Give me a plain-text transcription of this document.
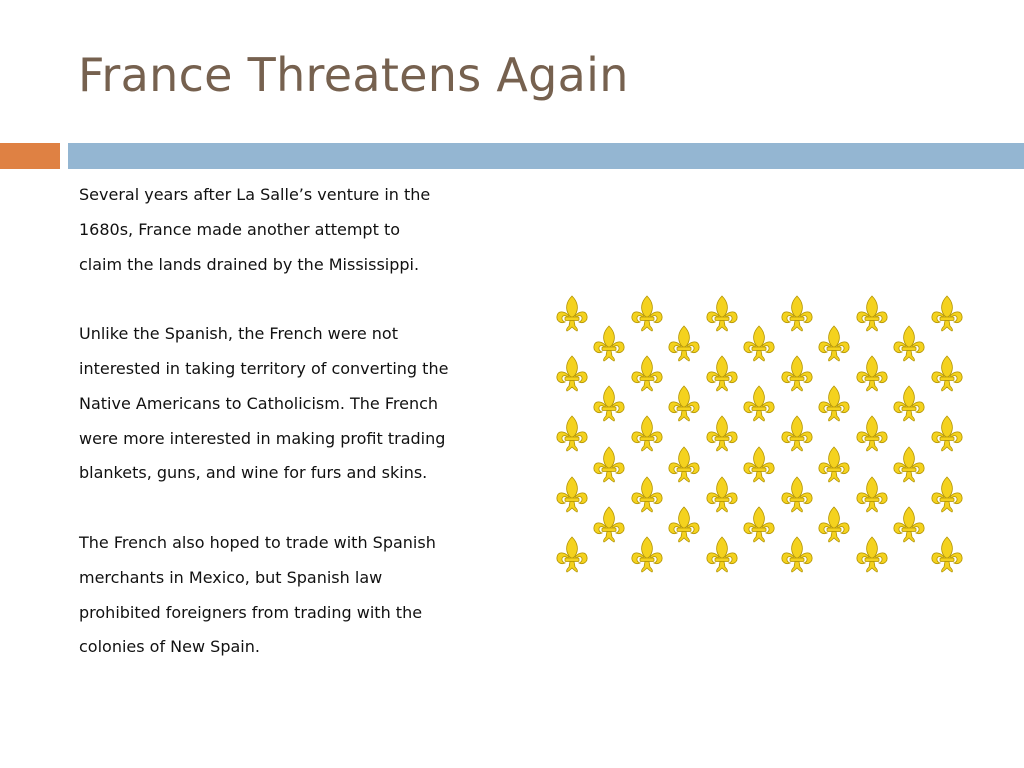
France Threatens Again

Several years after La Salle’s venture in the
1680s, France made another attempt to
claim the lands drained by the Mississippi.

Unlike the Spanish, the French were not
interested in taking territory of converting the
Native Americans to Catholicism. The French
were more interested in making profit trading
blankets, guns, and wine for furs and skins.

The French also hoped to trade with Spanish
merchants in Mexico, but Spanish law
prohibited foreigners from trading with the
colonies of New Spain.
